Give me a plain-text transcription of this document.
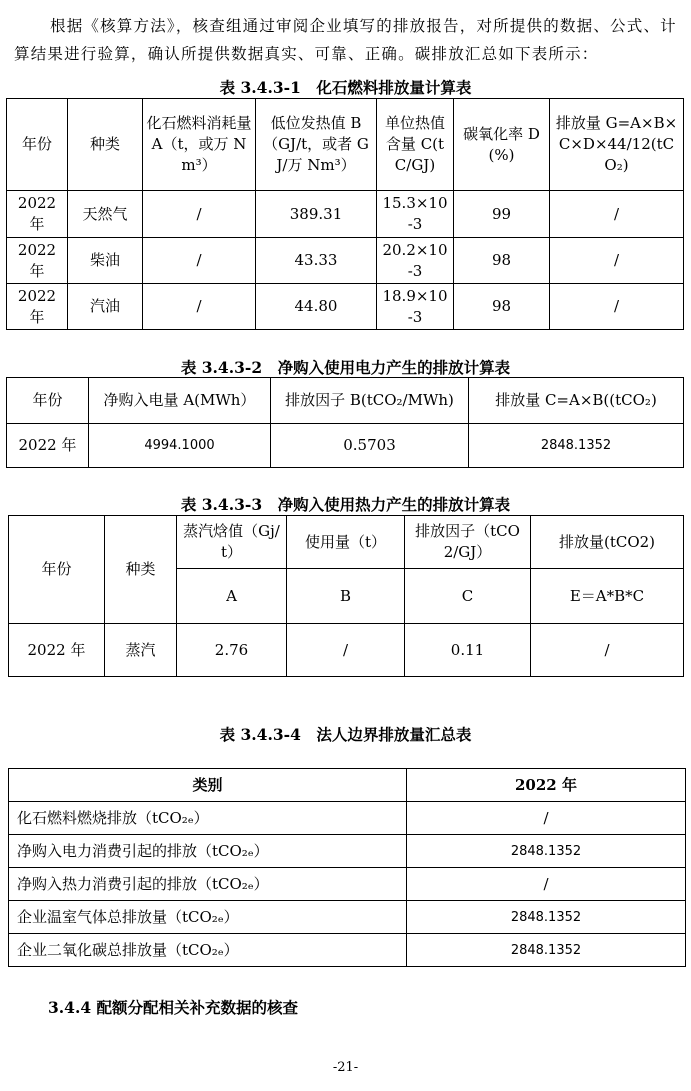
根据《核算方法》，核查组通过审阅企业填写的排放报告，对所提供的数据、公式、计算结果进行验算，确认所提供数据真实、可靠、正确。碳排放汇总如下表所示：

表 3.4.3-1　化石燃料排放量计算表

年份	种类	化石燃料消耗量 A（t，或万 Nm³）	低位发热值 B（GJ/t，或者 GJ/万 Nm³）	单位热值含量 C(tC/GJ)	碳氧化率 D(%)	排放量 G=A×B×C×D×44/12(tCO₂)
2022 年	天然气	/	389.31	15.3×10-3	99	/
2022 年	柴油	/	43.33	20.2×10-3	98	/
2022 年	汽油	/	44.80	18.9×10-3	98	/

表 3.4.3-2　净购入使用电力产生的排放计算表

年份	净购入电量 A(MWh）	排放因子 B(tCO₂/MWh)	排放量 C=A×B((tCO₂)
2022 年	4994.1000	0.5703	2848.1352

表 3.4.3-3　净购入使用热力产生的排放计算表

年份	种类	蒸汽焓值（Gj/t）	使用量（t）	排放因子（tCO2/GJ）	排放量(tCO2)
		A	B	C	E＝A*B*C
2022 年	蒸汽	2.76	/	0.11	/

表 3.4.3-4　法人边界排放量汇总表

类别	2022 年
化石燃料燃烧排放（tCO₂ₑ）	/
净购入电力消费引起的排放（tCO₂ₑ）	2848.1352
净购入热力消费引起的排放（tCO₂ₑ）	/
企业温室气体总排放量（tCO₂ₑ）	2848.1352
企业二氧化碳总排放量（tCO₂ₑ）	2848.1352

3.4.4 配额分配相关补充数据的核查

-21-
